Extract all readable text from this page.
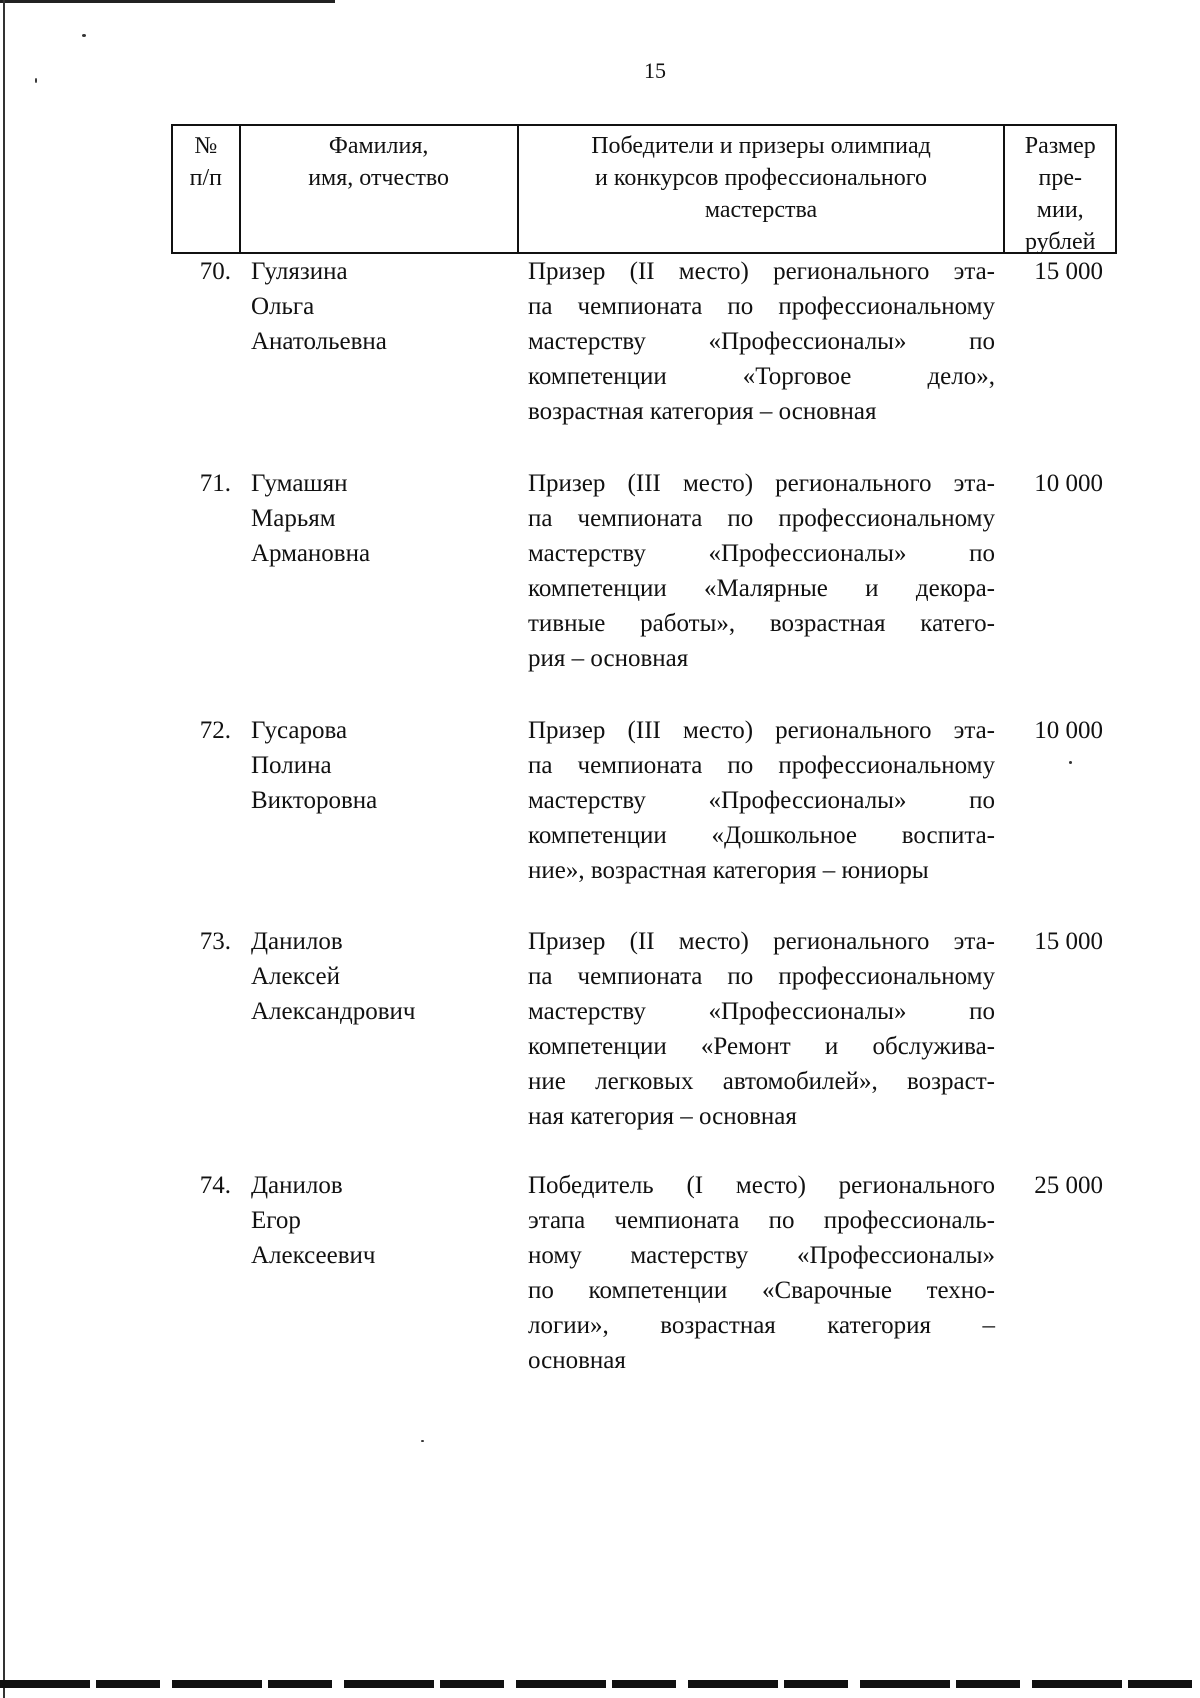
15
№
п/п
Фамилия,
имя, отчество
Победители и призеры олимпиад
и конкурсов профессионального
мастерства
Размер
пре-
мии,
рублей
70. Гулязина
Ольга
Анатольевна
Призер (II место) регионального эта-
па чемпионата по профессиональному
мастерству «Профессионалы» по
компетенции «Торговое дело»,
возрастная категория – основная
15 000
71. Гумашян
Марьям
Армановна
Призер (III место) регионального эта-
па чемпионата по профессиональному
мастерству «Профессионалы» по
компетенции «Малярные и декора-
тивные работы», возрастная катего-
рия – основная
10 000
72. Гусарова
Полина
Викторовна
Призер (III место) регионального эта-
па чемпионата по профессиональному
мастерству «Профессионалы» по
компетенции «Дошкольное воспита-
ние», возрастная категория – юниоры
10 000
73. Данилов
Алексей
Александрович
Призер (II место) регионального эта-
па чемпионата по профессиональному
мастерству «Профессионалы» по
компетенции «Ремонт и обслужива-
ние легковых автомобилей», возраст-
ная категория – основная
15 000
74. Данилов
Егор
Алексеевич
Победитель (I место) регионального
этапа чемпионата по профессиональ-
ному мастерству «Профессионалы»
по компетенции «Сварочные техно-
логии», возрастная категория –
основная
25 000
